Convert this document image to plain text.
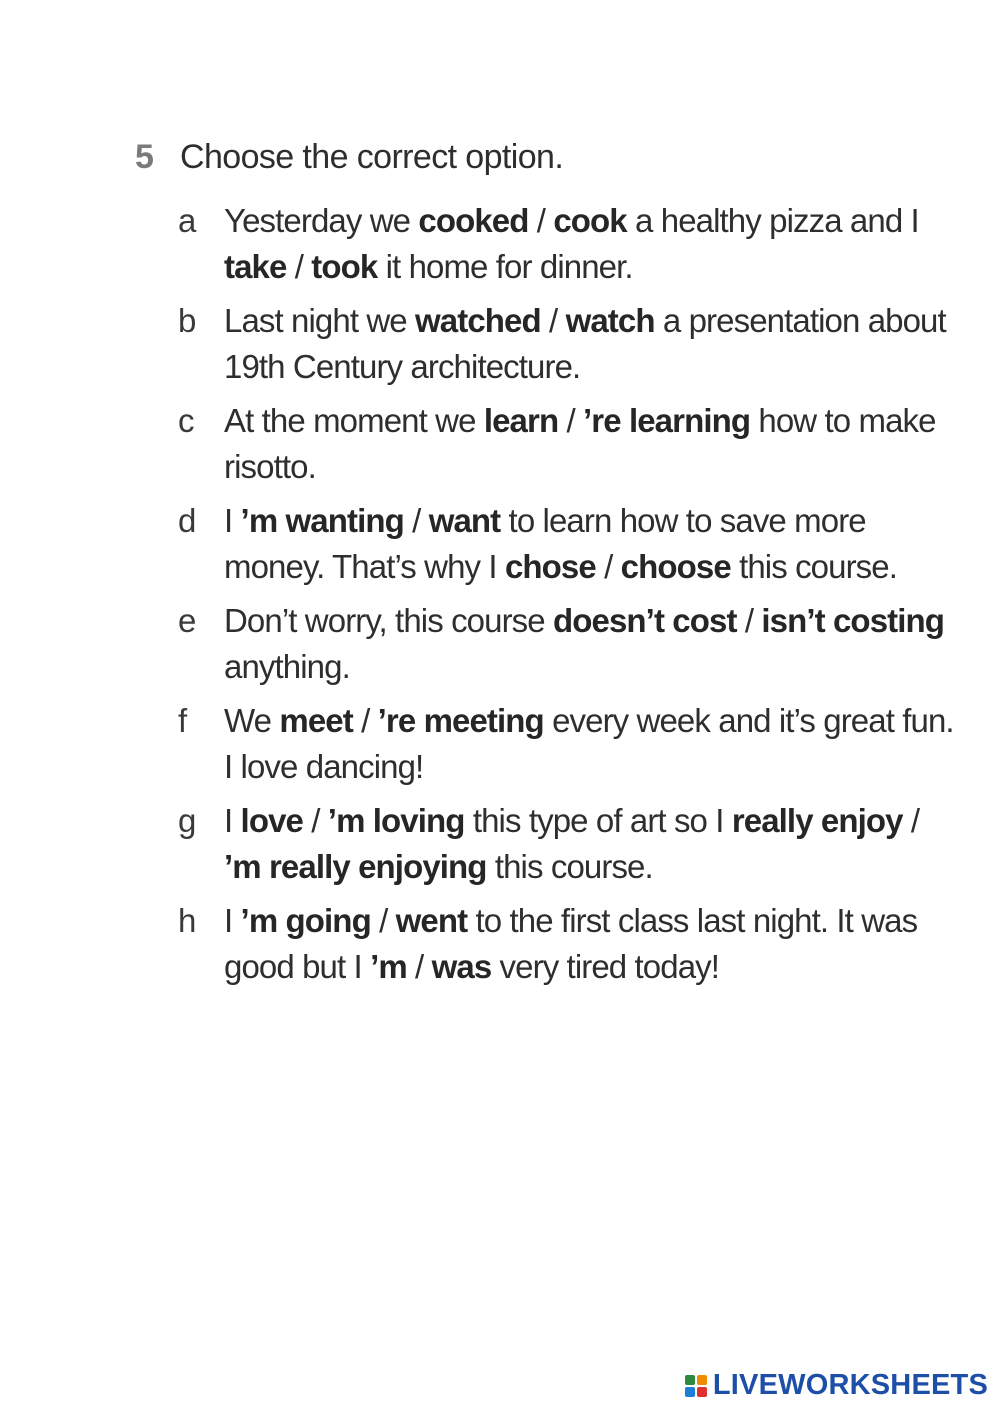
5 Choose the correct option.
a Yesterday we cooked / cook a healthy pizza and I
take / took it home for dinner.
b Last night we watched / watch a presentation about
19th Century architecture.
c At the moment we learn / ’re learning how to make
risotto.
d I ’m wanting / want to learn how to save more
money. That’s why I chose / choose this course.
e Don’t worry, this course doesn’t cost / isn’t costing
anything.
f	We meet / ’re meeting every week and it’s great fun.
I love dancing!
g I love / ’m loving this type of art so I really enjoy /
’m really enjoying this course.
h I ’m going / went to the first class last night. It was
good but I ’m / was very tired today!
LIVEWORKSHEETS
